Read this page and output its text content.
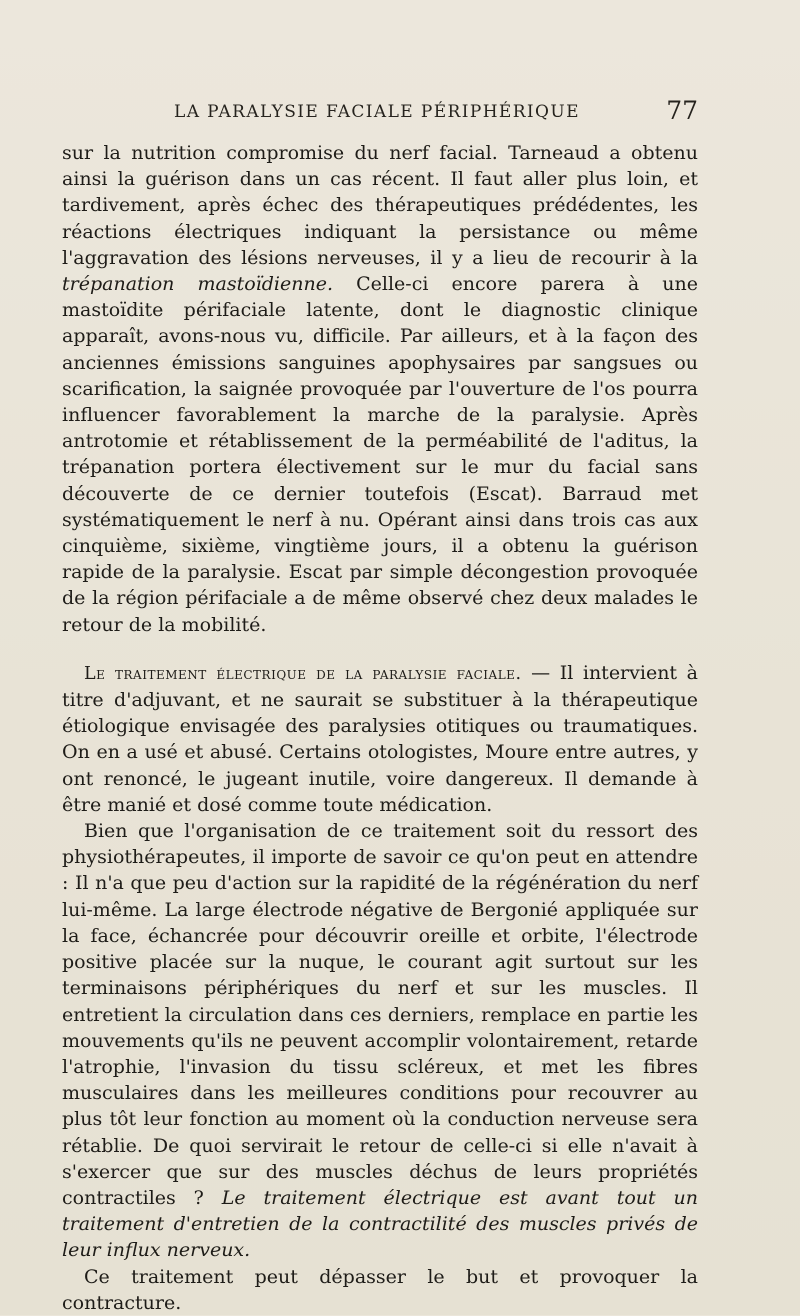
LA PARALYSIE FACIALE PÉRIPHÉRIQUE	77

sur la nutrition compromise du nerf facial. Tarneaud a obtenu ainsi la guérison dans un cas récent. Il faut aller plus loin, et tardivement, après échec des thérapeutiques prédédentes, les réactions électriques indiquant la persistance ou même l'aggravation des lésions nerveuses, il y a lieu de recourir à la trépanation mastoïdienne. Celle-ci encore parera à une mastoïdite périfaciale latente, dont le diagnostic clinique apparaît, avons-nous vu, difficile. Par ailleurs, et à la façon des anciennes émissions sanguines apophysaires par sangsues ou scarification, la saignée provoquée par l'ouverture de l'os pourra influencer favorablement la marche de la paralysie. Après antrotomie et rétablissement de la perméabilité de l'aditus, la trépanation portera électivement sur le mur du facial sans découverte de ce dernier toutefois (Escat). Barraud met systématiquement le nerf à nu. Opérant ainsi dans trois cas aux cinquième, sixième, vingtième jours, il a obtenu la guérison rapide de la paralysie. Escat par simple décongestion provoquée de la région périfaciale a de même observé chez deux malades le retour de la mobilité.

Le traitement électrique de la paralysie faciale. — Il intervient à titre d'adjuvant, et ne saurait se substituer à la thérapeutique étiologique envisagée des paralysies otitiques ou traumatiques. On en a usé et abusé. Certains otologistes, Moure entre autres, y ont renoncé, le jugeant inutile, voire dangereux. Il demande à être manié et dosé comme toute médication.

Bien que l'organisation de ce traitement soit du ressort des physiothérapeutes, il importe de savoir ce qu'on peut en attendre : Il n'a que peu d'action sur la rapidité de la régénération du nerf lui-même. La large électrode négative de Bergonié appliquée sur la face, échancrée pour découvrir oreille et orbite, l'électrode positive placée sur la nuque, le courant agit surtout sur les terminaisons périphériques du nerf et sur les muscles. Il entretient la circulation dans ces derniers, remplace en partie les mouvements qu'ils ne peuvent accomplir volontairement, retarde l'atrophie, l'invasion du tissu scléreux, et met les fibres musculaires dans les meilleures conditions pour recouvrer au plus tôt leur fonction au moment où la conduction nerveuse sera rétablie. De quoi servirait le retour de celle-ci si elle n'avait à s'exercer que sur des muscles déchus de leurs propriétés contractiles ? Le traitement électrique est avant tout un traitement d'entretien de la contractilité des muscles privés de leur influx nerveux.

Ce traitement peut dépasser le but et provoquer la contracture.
